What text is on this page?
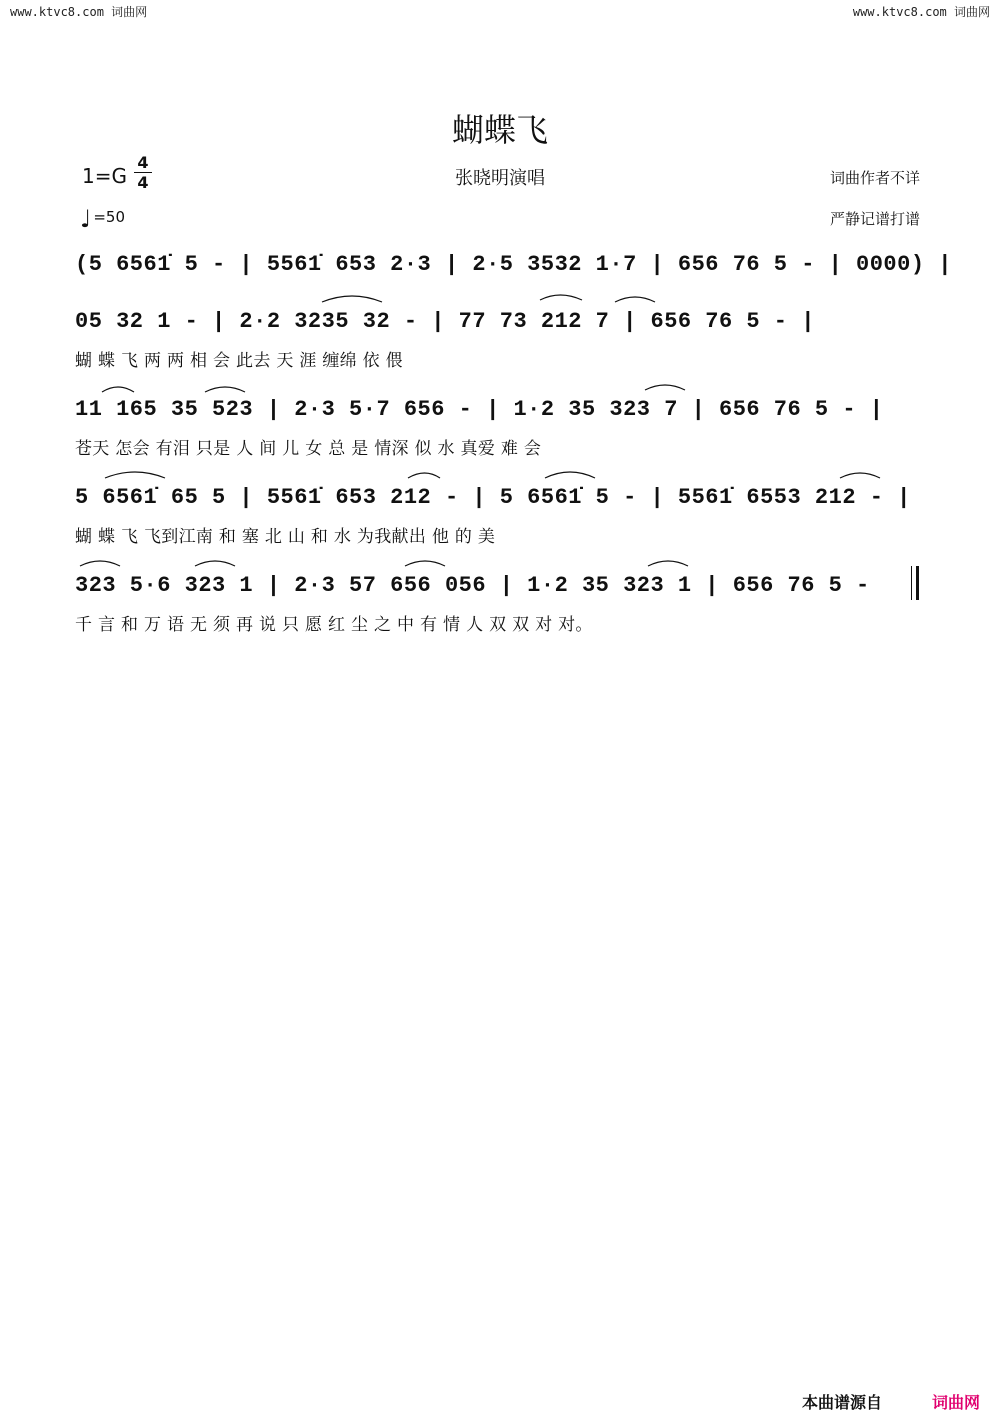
www.ktvc8.com 词曲网	www.ktvc8.com 词曲网
蝴蝶飞
张晓明演唱
1=G
4
4
♩ =50
词曲作者不详
严静记谱打谱
(5 6561̇ 5 - | 5561̇ 653 2·3 | 2·5 3532 1·7 | 656 76 5 - | 0000) |
05 32 1 - | 2·2 3235 32 - | 77 73 212 7 | 656 76 5 - |
蝴 蝶 飞 两 两 相 会 此去 天 涯 缠绵 依 偎
11 165 35 523 | 2·3 5·7 656 - | 1·2 35 323 7 | 656 76 5 - |
苍天 怎会 有泪 只是 人 间 儿 女 总 是 情深 似 水 真爱 难 会
5 6561̇ 65 5 | 5561̇ 653 212 - | 5 6561̇ 5 - | 5561̇ 6553 212 - |
蝴 蝶 飞 飞到江南 和 塞 北 山 和 水 为我献出 他 的 美
323 5·6 323 1 | 2·3 57 656 056 | 1·2 35 323 1 | 656 76 5 -
千 言 和 万 语 无 须 再 说 只 愿 红 尘 之 中 有 情 人 双 双 对 对。
本曲谱源自	词曲网
